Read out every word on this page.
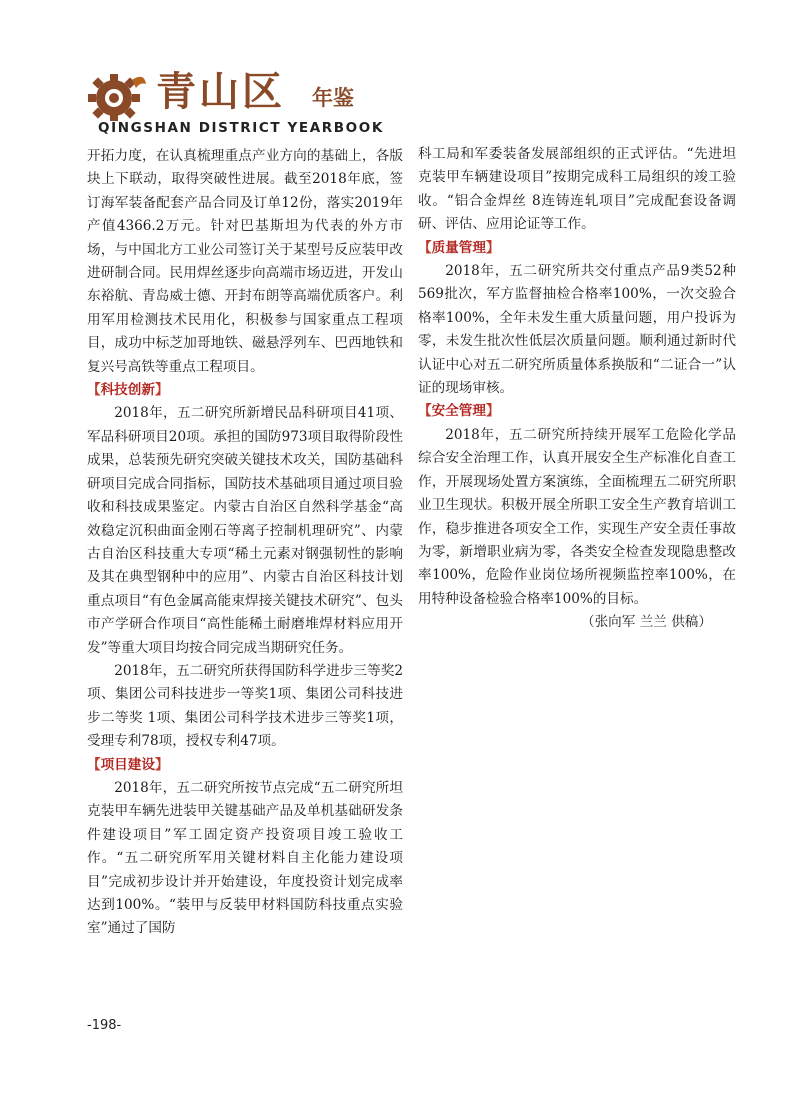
青山区 年鉴
QINGSHAN DISTRICT YEARBOOK

开拓力度，在认真梳理重点产业方向的基础上，各版块上下联动，取得突破性进展。截至2018年底，签订海军装备配套产品合同及订单12份，落实2019年产值4366.2万元。针对巴基斯坦为代表的外方市场，与中国北方工业公司签订关于某型号反应装甲改进研制合同。民用焊丝逐步向高端市场迈进，开发山东裕航、青岛威士德、开封布朗等高端优质客户。利用军用检测技术民用化，积极参与国家重点工程项目，成功中标芝加哥地铁、磁悬浮列车、巴西地铁和复兴号高铁等重点工程项目。

【科技创新】

2018年，五二研究所新增民品科研项目41项、军品科研项目20项。承担的国防973项目取得阶段性成果，总装预先研究突破关键技术攻关，国防基础科研项目完成合同指标，国防技术基础项目通过项目验收和科技成果鉴定。内蒙古自治区自然科学基金“高效稳定沉积曲面金刚石等离子控制机理研究”、内蒙古自治区科技重大专项“稀土元素对钢强韧性的影响及其在典型钢种中的应用”、内蒙古自治区科技计划重点项目“有色金属高能束焊接关键技术研究”、包头市产学研合作项目“高性能稀土耐磨堆焊材料应用开发”等重大项目均按合同完成当期研究任务。

2018年，五二研究所获得国防科学进步三等奖2项、集团公司科技进步一等奖1项、集团公司科技进步二等奖 1项、集团公司科学技术进步三等奖1项，受理专利78项，授权专利47项。

【项目建设】

2018年，五二研究所按节点完成“五二研究所坦克装甲车辆先进装甲关键基础产品及单机基础研发条件建设项目”军工固定资产投资项目竣工验收工作。“五二研究所军用关键材料自主化能力建设项目”完成初步设计并开始建设，年度投资计划完成率达到100%。“装甲与反装甲材料国防科技重点实验室”通过了国防

科工局和军委装备发展部组织的正式评估。“先进坦克装甲车辆建设项目”按期完成科工局组织的竣工验收。“铝合金焊丝 8连铸连轧项目”完成配套设备调研、评估、应用论证等工作。

【质量管理】

2018年，五二研究所共交付重点产品9类52种569批次，军方监督抽检合格率100%，一次交验合格率100%，全年未发生重大质量问题，用户投诉为零，未发生批次性低层次质量问题。顺利通过新时代认证中心对五二研究所质量体系换版和“二证合一”认证的现场审核。

【安全管理】

2018年，五二研究所持续开展军工危险化学品综合安全治理工作，认真开展安全生产标准化自查工作，开展现场处置方案演练，全面梳理五二研究所职业卫生现状。积极开展全所职工安全生产教育培训工作，稳步推进各项安全工作，实现生产安全责任事故为零，新增职业病为零，各类安全检查发现隐患整改率100%，危险作业岗位场所视频监控率100%，在用特种设备检验合格率100%的目标。

（张向军 兰兰 供稿）

-198-
